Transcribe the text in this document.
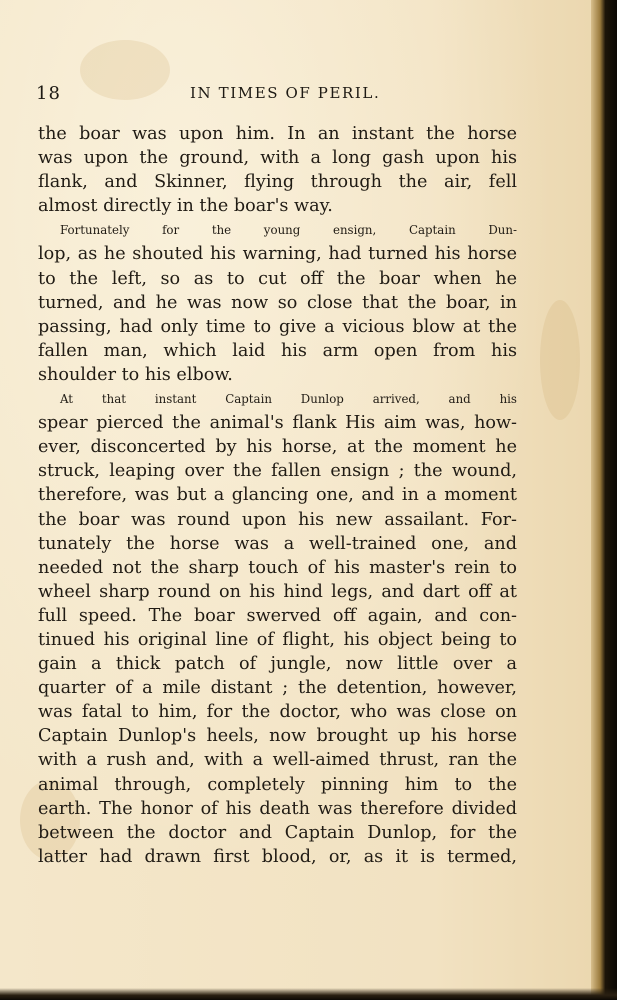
18	IN TIMES OF PERIL.
the boar was upon him. In an instant the horse
was upon the ground, with a long gash upon his
flank, and Skinner, flying through the air, fell
almost directly in the boar's way.
Fortunately for the young ensign, Captain Dun-
lop, as he shouted his warning, had turned his horse
to the left, so as to cut off the boar when he
turned, and he was now so close that the boar, in
passing, had only time to give a vicious blow at the
fallen man, which laid his arm open from his
shoulder to his elbow.
At that instant Captain Dunlop arrived, and his
spear pierced the animal's flank His aim was, how-
ever, disconcerted by his horse, at the moment he
struck, leaping over the fallen ensign ; the wound,
therefore, was but a glancing one, and in a moment
the boar was round upon his new assailant. For-
tunately the horse was a well-trained one, and
needed not the sharp touch of his master's rein to
wheel sharp round on his hind legs, and dart off at
full speed. The boar swerved off again, and con-
tinued his original line of flight, his object being to
gain a thick patch of jungle, now little over a
quarter of a mile distant ; the detention, however,
was fatal to him, for the doctor, who was close on
Captain Dunlop's heels, now brought up his horse
with a rush and, with a well-aimed thrust, ran the
animal through, completely pinning him to the
earth. The honor of his death was therefore divided
between the doctor and Captain Dunlop, for the
latter had drawn first blood, or, as it is termed,
